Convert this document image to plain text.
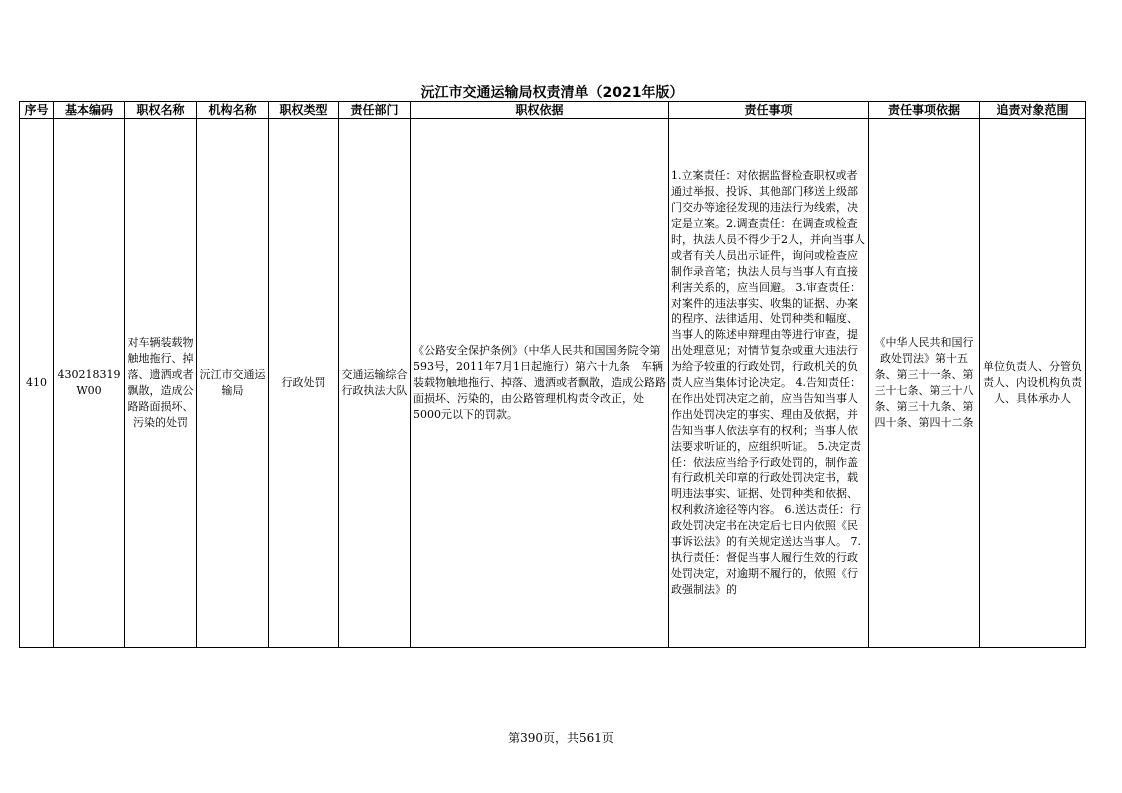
沅江市交通运输局权责清单（2021年版）
序号	基本编码	职权名称	机构名称	职权类型	责任部门	职权依据	责任事项	责任事项依据	追责对象范围
410	430218319W00	对车辆装载物触地拖行、掉落、遗洒或者飘散，造成公路路面损坏、污染的处罚	沅江市交通运输局	行政处罚	交通运输综合行政执法大队	《公路安全保护条例》（中华人民共和国国务院令第593号，2011年7月1日起施行）第六十九条　车辆装载物触地拖行、掉落、遗洒或者飘散，造成公路路面损坏、污染的，由公路管理机构责令改正，处5000元以下的罚款。	1.立案责任：对依据监督检查职权或者通过举报、投诉、其他部门移送上级部门交办等途径发现的违法行为线索，决定是立案。2.调查责任：在调查或检查时，执法人员不得少于2人，并向当事人或者有关人员出示证件，询问或检查应制作录音笔；执法人员与当事人有直接利害关系的，应当回避。 3.审查责任：对案件的违法事实、收集的证据、办案的程序、法律适用、处罚种类和幅度、当事人的陈述申辩理由等进行审查，提出处理意见；对情节复杂或重大违法行为给予较重的行政处罚，行政机关的负责人应当集体讨论决定。 4.告知责任：在作出处罚决定之前，应当告知当事人作出处罚决定的事实、理由及依据，并告知当事人依法享有的权利；当事人依法要求听证的，应组织听证。 5.决定责任：依法应当给予行政处罚的，制作盖有行政机关印章的行政处罚决定书，载明违法事实、证据、处罚种类和依据、权利救济途径等内容。 6.送达责任：行政处罚决定书在决定后七日内依照《民事诉讼法》的有关规定送达当事人。 7.执行责任：督促当事人履行生效的行政处罚决定，对逾期不履行的，依照《行政强制法》的	《中华人民共和国行政处罚法》第十五条、第三十一条、第三十七条、第三十八条、第三十九条、第四十条、第四十二条	单位负责人、分管负责人、内设机构负责人、具体承办人
第390页，共561页
